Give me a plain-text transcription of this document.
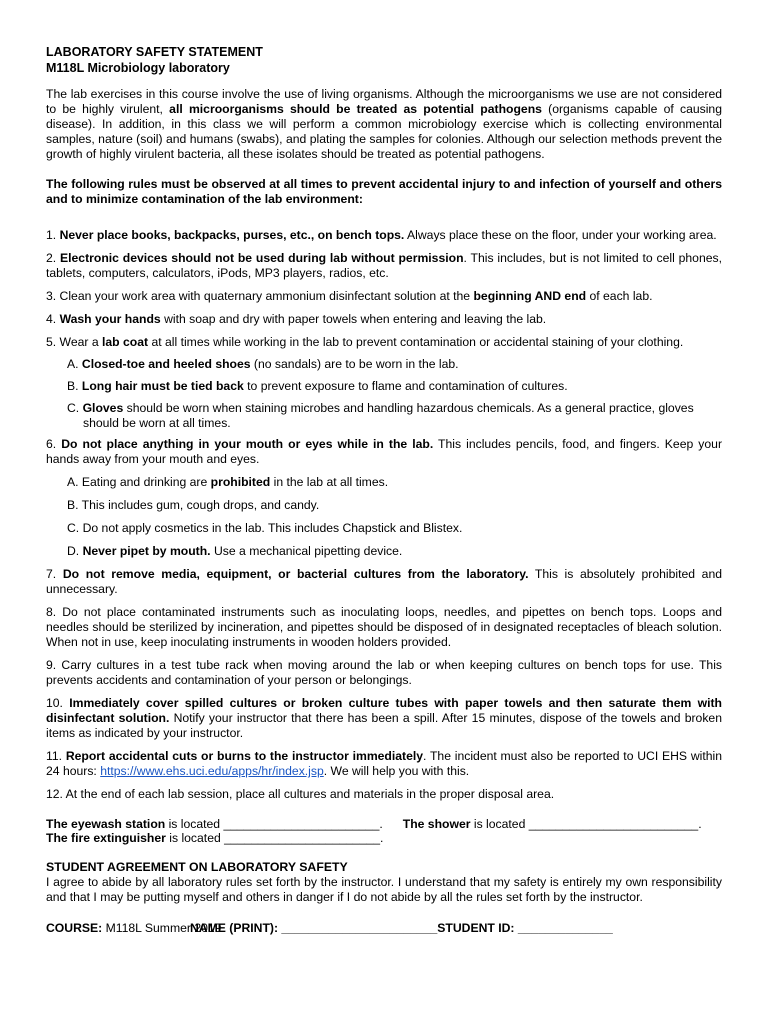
LABORATORY SAFETY STATEMENT
M118L Microbiology laboratory

The lab exercises in this course involve the use of living organisms. Although the microorganisms we use are not considered to be highly virulent, all microorganisms should be treated as potential pathogens (organisms capable of causing disease). In addition, in this class we will perform a common microbiology exercise which is collecting environmental samples, nature (soil) and humans (swabs), and plating the samples for colonies. Although our selection methods prevent the growth of highly virulent bacteria, all these isolates should be treated as potential pathogens.

The following rules must be observed at all times to prevent accidental injury to and infection of yourself and others and to minimize contamination of the lab environment:

1. Never place books, backpacks, purses, etc., on bench tops. Always place these on the floor, under your working area.

2. Electronic devices should not be used during lab without permission. This includes, but is not limited to cell phones, tablets, computers, calculators, iPods, MP3 players, radios, etc.

3. Clean your work area with quaternary ammonium disinfectant solution at the beginning AND end of each lab.

4. Wash your hands with soap and dry with paper towels when entering and leaving the lab.

5. Wear a lab coat at all times while working in the lab to prevent contamination or accidental staining of your clothing.

A. Closed-toe and heeled shoes (no sandals) are to be worn in the lab.

B. Long hair must be tied back to prevent exposure to flame and contamination of cultures.

C. Gloves should be worn when staining microbes and handling hazardous chemicals. As a general practice, gloves

should be worn at all times.

6. Do not place anything in your mouth or eyes while in the lab. This includes pencils, food, and fingers. Keep your hands away from your mouth and eyes.

A. Eating and drinking are prohibited in the lab at all times.

B. This includes gum, cough drops, and candy.

C. Do not apply cosmetics in the lab. This includes Chapstick and Blistex.

D. Never pipet by mouth. Use a mechanical pipetting device.

7. Do not remove media, equipment, or bacterial cultures from the laboratory. This is absolutely prohibited and unnecessary.

8. Do not place contaminated instruments such as inoculating loops, needles, and pipettes on bench tops. Loops and needles should be sterilized by incineration, and pipettes should be disposed of in designated receptacles of bleach solution. When not in use, keep inoculating instruments in wooden holders provided.

9. Carry cultures in a test tube rack when moving around the lab or when keeping cultures on bench tops for use. This prevents accidents and contamination of your person or belongings.

10. Immediately cover spilled cultures or broken culture tubes with paper towels and then saturate them with disinfectant solution. Notify your instructor that there has been a spill. After 15 minutes, dispose of the towels and broken items as indicated by your instructor.

11. Report accidental cuts or burns to the instructor immediately. The incident must also be reported to UCI EHS within 24 hours: https://www.ehs.uci.edu/apps/hr/index.jsp. We will help you with this.

12. At the end of each lab session, place all cultures and materials in the proper disposal area.

The eyewash station is located _______________________. The shower is located _________________________.
The fire extinguisher is located _______________________.
STUDENT AGREEMENT ON LABORATORY SAFETY

I agree to abide by all laboratory rules set forth by the instructor. I understand that my safety is entirely my own responsibility and that I may be putting myself and others in danger if I do not abide by all the rules set forth by the instructor.

COURSE: M118L Summer 2019NAME (PRINT): _______________________STUDENT ID: ______________
